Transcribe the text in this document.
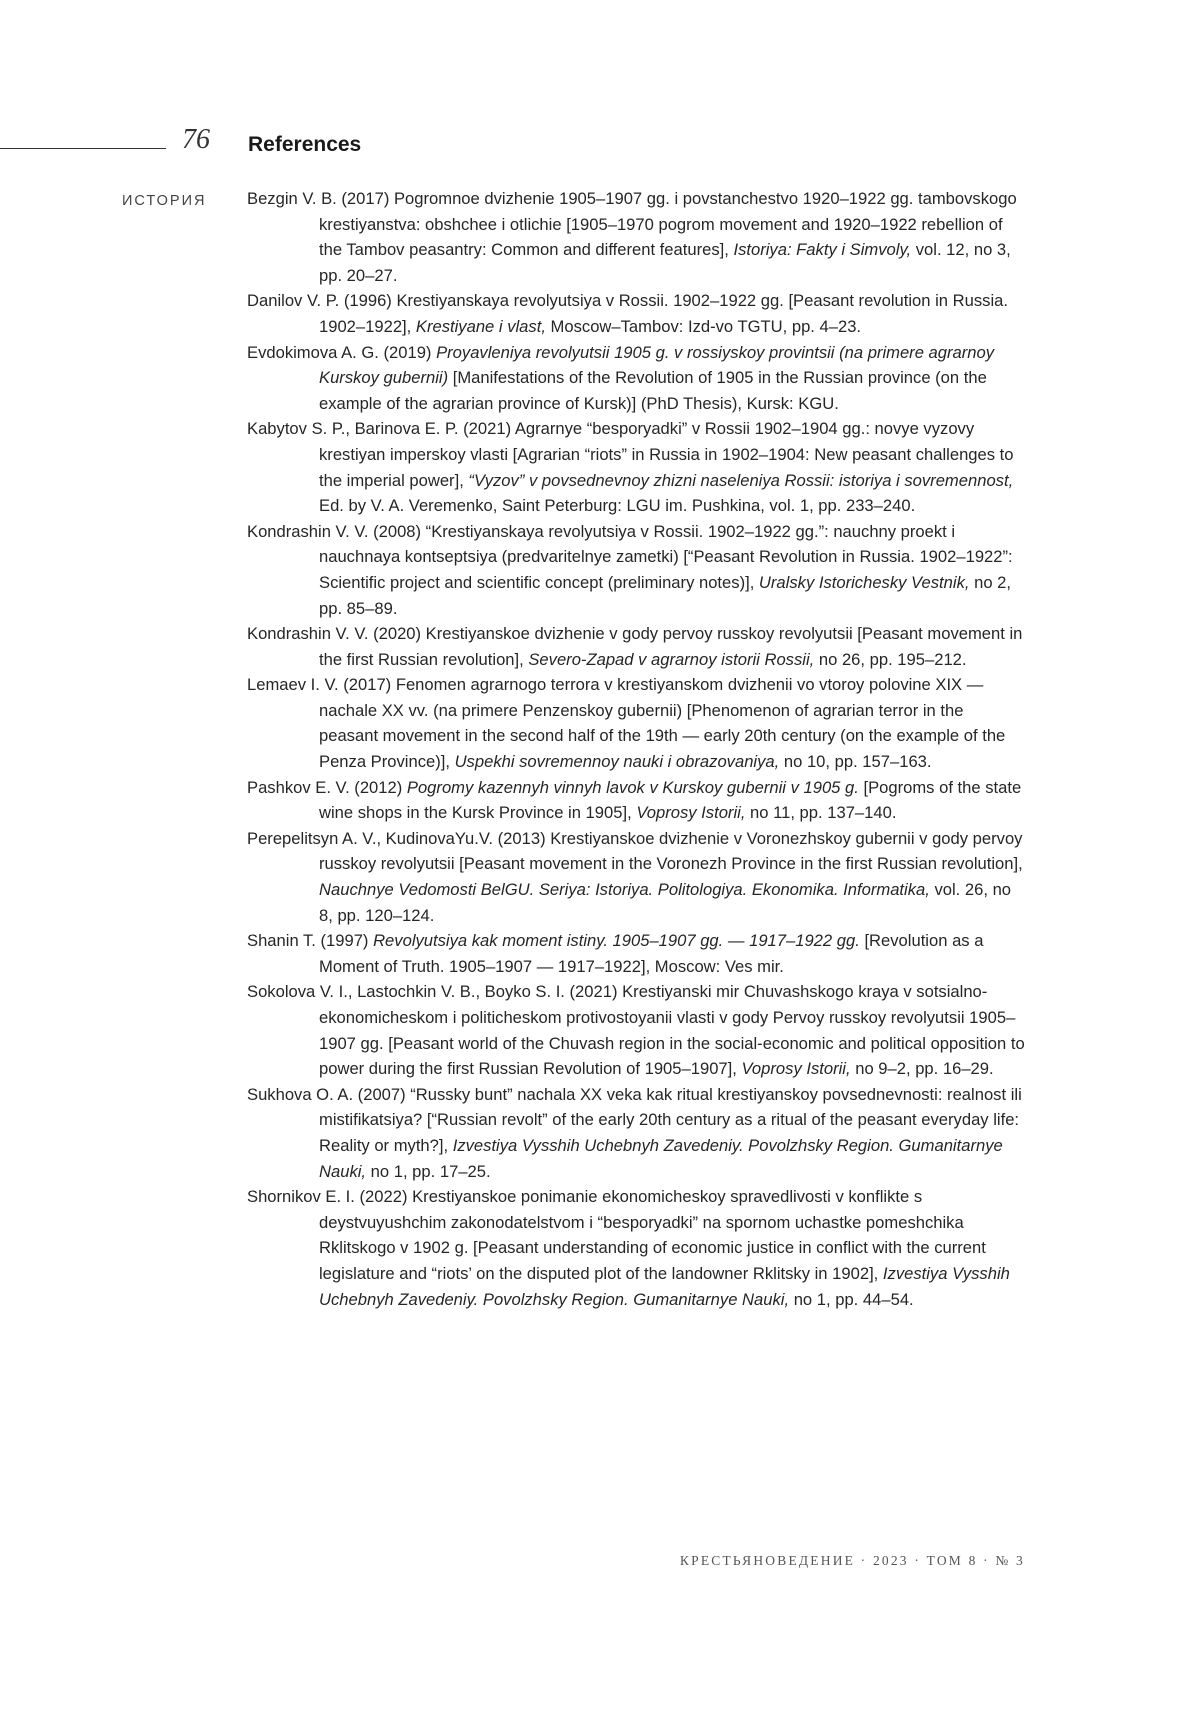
76 References
ИСТОРИЯ Bezgin V. B. (2017) Pogromnoe dvizhenie 1905–1907 gg. i povstanchestvo 1920–1922 gg. tambovskogo krestiyanstva: obshchee i otlichie [1905–1970 pogrom movement and 1920–1922 rebellion of the Tambov peasantry: Common and different features], Istoriya: Fakty i Simvoly, vol. 12, no 3, pp. 20–27.
Danilov V. P. (1996) Krestiyanskaya revolyutsiya v Rossii. 1902–1922 gg. [Peasant revolution in Russia. 1902–1922], Krestiyane i vlast, Moscow–Tambov: Izd-vo TGTU, pp. 4–23.
Evdokimova A. G. (2019) Proyavleniya revolyutsii 1905 g. v rossiyskoy provintsii (na primere agrarnoy Kurskoy gubernii) [Manifestations of the Revolution of 1905 in the Russian province (on the example of the agrarian province of Kursk)] (PhD Thesis), Kursk: KGU.
Kabytov S. P., Barinova E. P. (2021) Agrarnye “besporyadki” v Rossii 1902–1904 gg.: novye vyzovy krestiyan imperskoy vlasti [Agrarian “riots” in Russia in 1902–1904: New peasant challenges to the imperial power], “Vyzov” v povsednevnoy zhizni naseleniya Rossii: istoriya i sovremennost, Ed. by V. A. Veremenko, Saint Peterburg: LGU im. Pushkina, vol. 1, pp. 233–240.
Kondrashin V. V. (2008) “Krestiyanskaya revolyutsiya v Rossii. 1902–1922 gg.”: nauchny proekt i nauchnaya kontseptsiya (predvaritelnye zametki) [“Peasant Revolution in Russia. 1902–1922”: Scientific project and scientific concept (preliminary notes)], Uralsky Istorichesky Vestnik, no 2, pp. 85–89.
Kondrashin V. V. (2020) Krestiyanskoe dvizhenie v gody pervoy russkoy revolyutsii [Peasant movement in the first Russian revolution], Severo-Zapad v agrarnoy istorii Rossii, no 26, pp. 195–212.
Lemaev I. V. (2017) Fenomen agrarnogo terrora v krestiyanskom dvizhenii vo vtoroy polovine XIX — nachale XX vv. (na primere Penzenskoy gubernii) [Phenomenon of agrarian terror in the peasant movement in the second half of the 19th — early 20th century (on the example of the Penza Province)], Uspekhi sovremennoy nauki i obrazovaniya, no 10, pp. 157–163.
Pashkov E. V. (2012) Pogromy kazennyh vinnyh lavok v Kurskoy gubernii v 1905 g. [Pogroms of the state wine shops in the Kursk Province in 1905], Voprosy Istorii, no 11, pp. 137–140.
Perepelitsyn A. V., KudinovaYu.V. (2013) Krestiyanskoe dvizhenie v Voronezhskoy gubernii v gody pervoy russkoy revolyutsii [Peasant movement in the Voronezh Province in the first Russian revolution], Nauchnye Vedomosti BelGU. Seriya: Istoriya. Politologiya. Ekonomika. Informatika, vol. 26, no 8, pp. 120–124.
Shanin T. (1997) Revolyutsiya kak moment istiny. 1905–1907 gg. — 1917–1922 gg. [Revolution as a Moment of Truth. 1905–1907 — 1917–1922], Moscow: Ves mir.
Sokolova V. I., Lastochkin V. B., Boyko S. I. (2021) Krestiyanski mir Chuvashskogo kraya v sotsialno-ekonomicheskom i politicheskom protivostoyanii vlasti v gody Pervoy russkoy revolyutsii 1905–1907 gg. [Peasant world of the Chuvash region in the social-economic and political opposition to power during the first Russian Revolution of 1905–1907], Voprosy Istorii, no 9–2, pp. 16–29.
Sukhova O. A. (2007) “Russky bunt” nachala XX veka kak ritual krestiyanskoy povsednevnosti: realnost ili mistifikatsiya? [“Russian revolt” of the early 20th century as a ritual of the peasant everyday life: Reality or myth?], Izvestiya Vysshih Uchebnyh Zavedeniy. Povolzhsky Region. Gumanitarnye Nauki, no 1, pp. 17–25.
Shornikov E. I. (2022) Krestiyanskoe ponimanie ekonomicheskoy spravedlivosti v konflikte s deystvuyushchim zakonodatelstvom i “besporyadki” na spornom uchastke pomeshchika Rklitskogo v 1902 g. [Peasant understanding of economic justice in conflict with the current legislature and “riots’ on the disputed plot of the landowner Rklitsky in 1902], Izvestiya Vysshih Uchebnyh Zavedeniy. Povolzhsky Region. Gumanitarnye Nauki, no 1, pp. 44–54.
КРЕСТЬЯНОВЕДЕНИЕ · 2023 · ТОМ 8 · № 3
